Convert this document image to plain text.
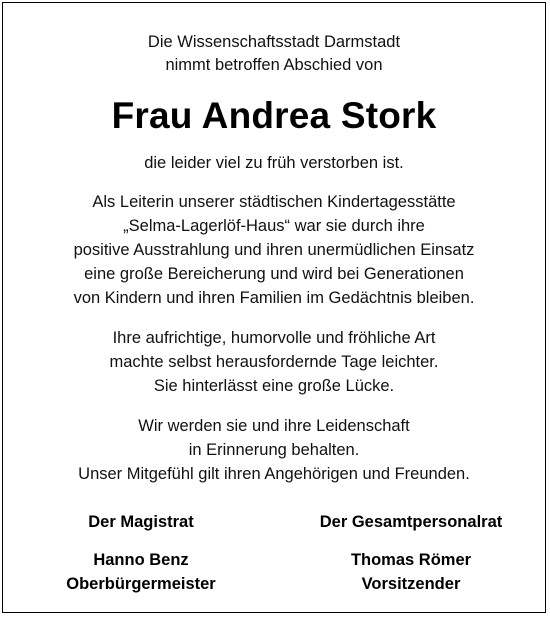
Die Wissenschaftsstadt Darmstadt
nimmt betroffen Abschied von
Frau Andrea Stork
die leider viel zu früh verstorben ist.
Als Leiterin unserer städtischen Kindertagesstätte
„Selma-Lagerlöf-Haus“ war sie durch ihre
positive Ausstrahlung und ihren unermüdlichen Einsatz
eine große Bereicherung und wird bei Generationen
von Kindern und ihren Familien im Gedächtnis bleiben.
Ihre aufrichtige, humorvolle und fröhliche Art
machte selbst herausfordernde Tage leichter.
Sie hinterlässt eine große Lücke.
Wir werden sie und ihre Leidenschaft
in Erinnerung behalten.
Unser Mitgefühl gilt ihren Angehörigen und Freunden.
Der Magistrat
Hanno Benz
Oberbürgermeister
Der Gesamtpersonalrat
Thomas Römer
Vorsitzender
